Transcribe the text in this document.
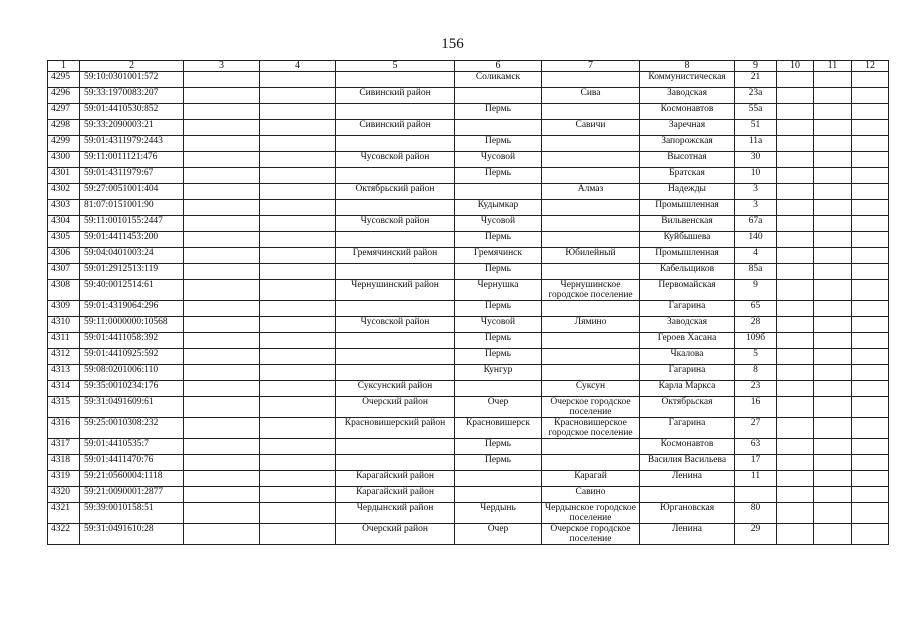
156
1	2	3	4	5	6	7	8	9	10	11	12
4295	59:10:0301001:572				Соликамск		Коммунистическая	21			
4296	59:33:1970083:207			Сивинский район		Сива	Заводская	23а			
4297	59:01:4410530:852				Пермь		Космонавтов	55а			
4298	59:33:2090003:21			Сивинский район		Савичи	Заречная	51			
4299	59:01:4311979:2443				Пермь		Запорожская	11а			
4300	59:11:0011121:476			Чусовской район	Чусовой		Высотная	30			
4301	59:01:4311979:67				Пермь		Братская	10			
4302	59:27:0051001:404			Октябрьский район		Алмаз	Надежды	3			
4303	81:07:0151001:90				Кудымкар		Промышленная	3			
4304	59:11:0010155:2447			Чусовской район	Чусовой		Вильвенская	67а			
4305	59:01:4411453:200				Пермь		Куйбышева	140			
4306	59:04:0401003:24			Гремячинский район	Гремячинск	Юбилейный	Промышленная	4			
4307	59:01:2912513:119				Пермь		Кабельщиков	85а			
4308	59:40:0012514:61			Чернушинский район	Чернушка	Чернушинское городское поселение	Первомайская	9			
4309	59:01:4319064:296				Пермь		Гагарина	65			
4310	59:11:0000000:10568			Чусовской район	Чусовой	Лямино	Заводская	28			
4311	59:01:4411058:392				Пермь		Героев Хасана	109б			
4312	59:01:4410925:592				Пермь		Чкалова	5			
4313	59:08:0201006:110				Кунгур		Гагарина	8			
4314	59:35:0010234:176			Суксунский район		Суксун	Карла Маркса	23			
4315	59:31:0491609:61			Очерский район	Очер	Очерское городское поселение	Октябрьская	16			
4316	59:25:0010308:232			Красновишерский район	Красновишерск	Красновишерское городское поселение	Гагарина	27			
4317	59:01:4410535:7				Пермь		Космонавтов	63			
4318	59:01:4411470:76				Пермь		Василия Васильева	17			
4319	59:21:0560004:1118			Карагайский район		Карагай	Ленина	11			
4320	59:21:0090001:2877			Карагайский район		Савино					
4321	59:39:0010158:51			Чердынский район	Чердынь	Чердынское городское поселение	Юргановская	80			
4322	59:31:0491610:28			Очерский район	Очер	Очерское городское поселение	Ленина	29			
